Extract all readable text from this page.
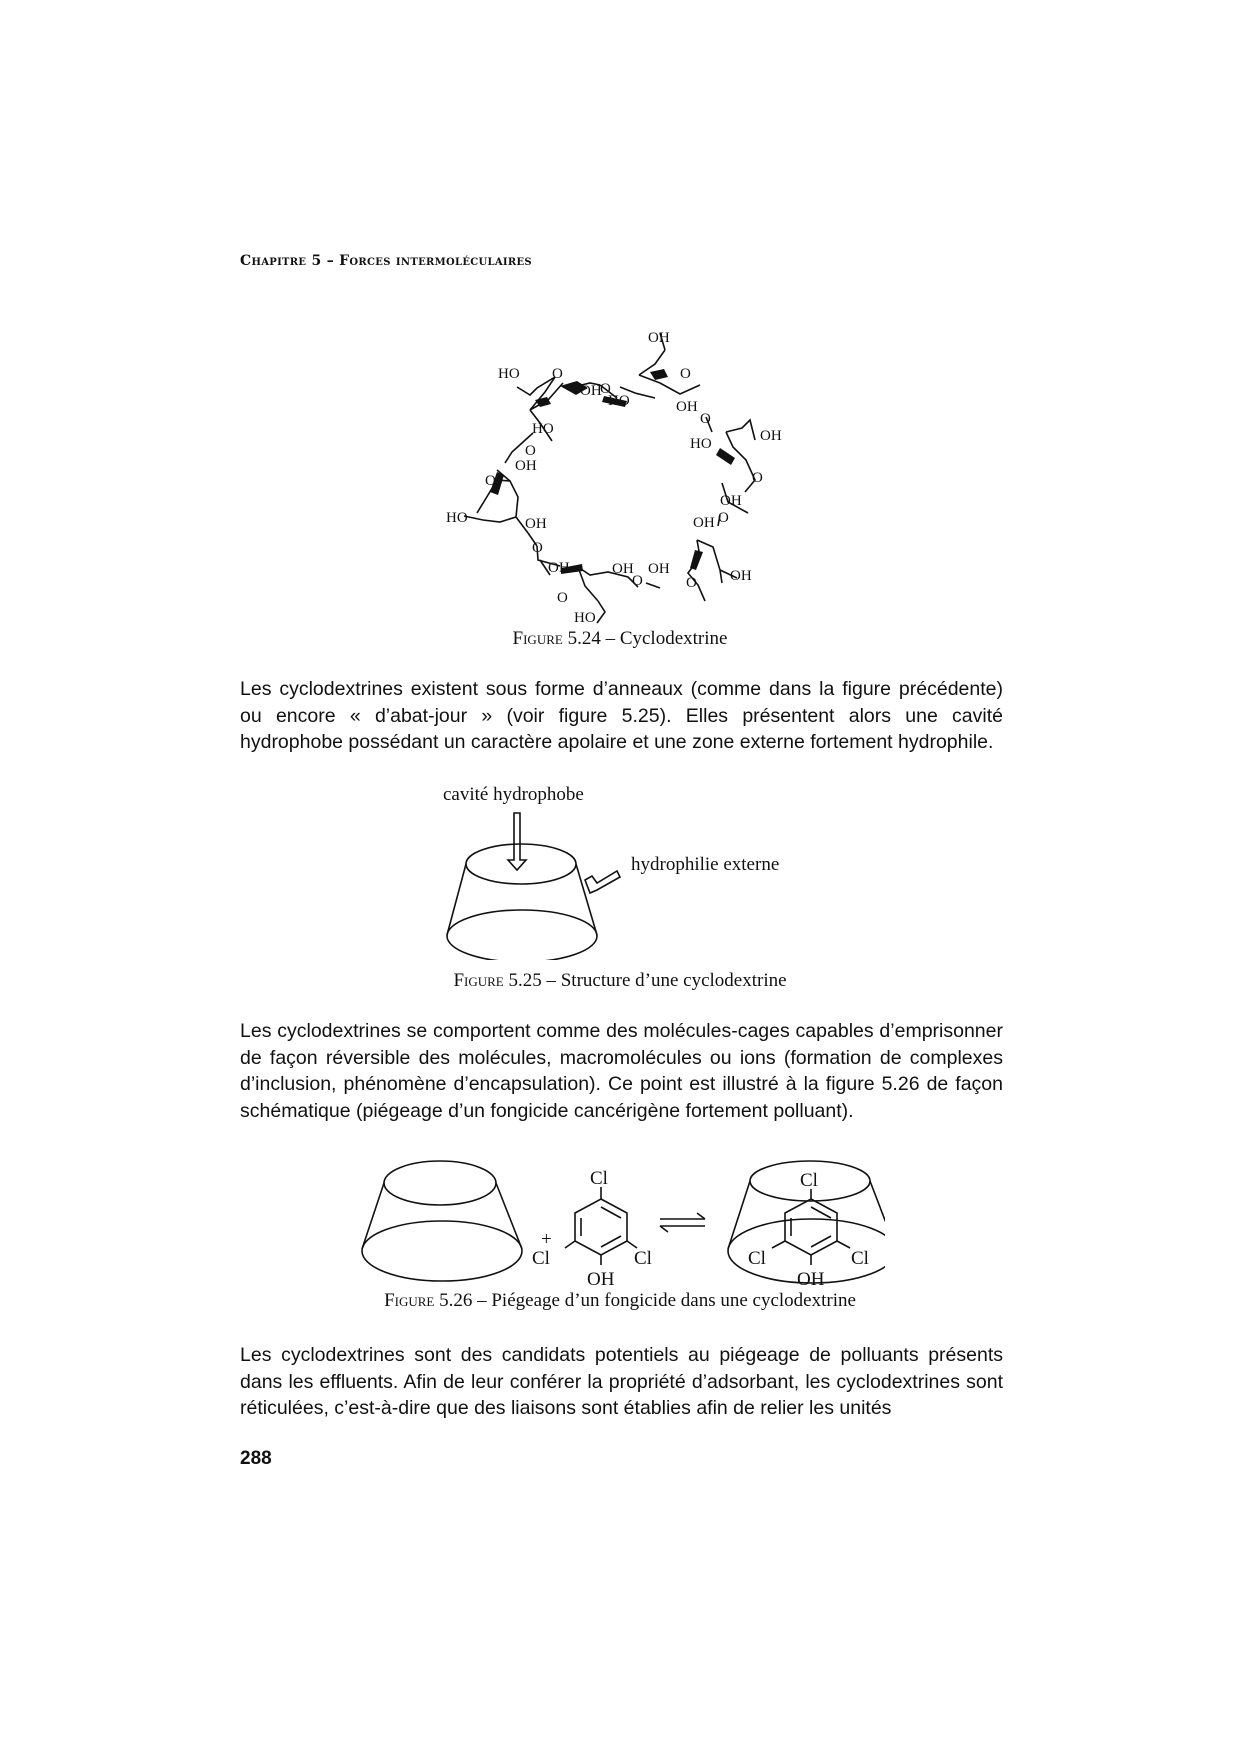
Chapitre 5 – Forces intermoléculaires
OH
HO O
OH
O
HO
O
OH
O
HO
HO	OH
O
OH
O
O
OH
HO	OH	OH O
O
OH	OH OH	OH
O	O
O
HO
Figure 5.24 – Cyclodextrine

Les cyclodextrines existent sous forme d’anneaux (comme dans la figure précédente) ou encore « d’abat-jour » (voir figure 5.25). Elles présentent alors une cavité hydrophobe possédant un caractère apolaire et une zone externe fortement hydrophile.

cavité hydrophobe
hydrophilie externe
Figure 5.25 – Structure d’une cyclodextrine

Les cyclodextrines se comportent comme des molécules-cages capables d’emprisonner de façon réversible des molécules, macromolécules ou ions (formation de complexes d’inclusion, phénomène d’encapsulation). Ce point est illustré à la figure 5.26 de façon schématique (piégeage d’un fongicide cancérigène fortement polluant).

+
Cl
Cl	Cl
OH
Cl
Cl	Cl
OH
Figure 5.26 – Piégeage d’un fongicide dans une cyclodextrine

Les cyclodextrines sont des candidats potentiels au piégeage de polluants présents dans les effluents. Afin de leur conférer la propriété d’adsorbant, les cyclodextrines sont réticulées, c’est-à-dire que des liaisons sont établies afin de relier les unités

288
